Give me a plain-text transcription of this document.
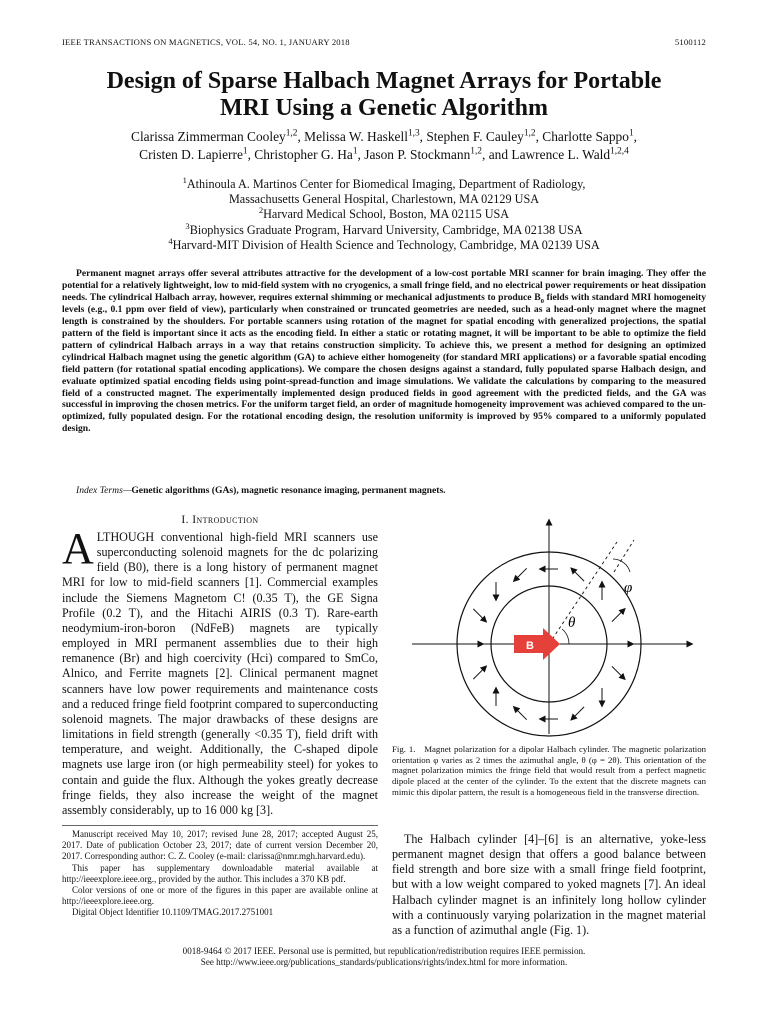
IEEE TRANSACTIONS ON MAGNETICS, VOL. 54, NO. 1, JANUARY 2018	5100112
Design of Sparse Halbach Magnet Arrays for Portable
MRI Using a Genetic Algorithm
Clarissa Zimmerman Cooley$^{1,2}$, Melissa W. Haskell$^{1,3}$, Stephen F. Cauley$^{1,2}$, Charlotte Sappo$^1$,
Cristen D. Lapierre$^1$, Christopher G. Ha$^1$, Jason P. Stockmann$^{1,2}$, and Lawrence L. Wald$^{1,2,4}$
$^1$Athinoula A. Martinos Center for Biomedical Imaging, Department of Radiology,
Massachusetts General Hospital, Charlestown, MA 02129 USA
$^2$Harvard Medical School, Boston, MA 02115 USA
$^3$Biophysics Graduate Program, Harvard University, Cambridge, MA 02138 USA
$^4$Harvard-MIT Division of Health Science and Technology, Cambridge, MA 02139 USA
Permanent magnet arrays offer several attributes attractive for the development of a low-cost portable MRI scanner for brain imaging. They offer the potential for a relatively lightweight, low to mid-field system with no cryogenics, a small fringe field, and no electrical power requirements or heat dissipation needs. The cylindrical Halbach array, however, requires external shimming or mechanical adjustments to produce $B_0$ fields with standard MRI homogeneity levels (e.g., 0.1 ppm over field of view), particularly when constrained or truncated geometries are needed, such as a head-only magnet where the magnet length is constrained by the shoulders. For portable scanners using rotation of the magnet for spatial encoding with generalized projections, the spatial pattern of the field is important since it acts as the encoding field. In either a static or rotating magnet, it will be important to be able to optimize the field pattern of cylindrical Halbach arrays in a way that retains construction simplicity. To achieve this, we present a method for designing an optimized cylindrical Halbach magnet using the genetic algorithm (GA) to achieve either homogeneity (for standard MRI applications) or a favorable spatial encoding field pattern (for rotational spatial encoding applications). We compare the chosen designs against a standard, fully populated sparse Halbach design, and evaluate optimized spatial encoding fields using point-spread-function and image simulations. We validate the calculations by comparing to the measured field of a constructed magnet. The experimentally implemented design produced fields in good agreement with the predicted fields, and the GA was successful in improving the chosen metrics. For the uniform target field, an order of magnitude homogeneity improvement was achieved compared to the un-optimized, fully populated design. For the rotational encoding design, the resolution uniformity is improved by 95% compared to a uniformly populated design.
Index Terms—Genetic algorithms (GAs), magnetic resonance imaging, permanent magnets.
I. Introduction
ALTHOUGH conventional high-field MRI scanners use superconducting solenoid magnets for the dc polarizing field (B0), there is a long history of permanent magnet MRI for low to mid-field scanners [1]. Commercial examples include the Siemens Magnetom C! (0.35 T), the GE Signa Profile (0.2 T), and the Hitachi AIRIS (0.3 T). Rare-earth neodymium-iron-boron (NdFeB) magnets are typically employed in MRI permanent assemblies due to their high remanence (Br) and high coercivity (Hci) compared to SmCo, Alnico, and Ferrite magnets [2]. Clinical permanent magnet scanners have low power requirements and maintenance costs and a reduced fringe field footprint compared to superconducting solenoid magnets. The major drawbacks of these designs are limitations in field strength (generally <0.35 T), field drift with temperature, and weight. Additionally, the C-shaped dipole magnets use large iron (or high permeability steel) for yokes to contain and guide the flux. Although the yokes greatly decrease fringe fields, they also increase the weight of the magnet assembly considerably, up to 16 000 kg [3].

Manuscript received May 10, 2017; revised June 28, 2017; accepted August 25, 2017. Date of publication October 23, 2017; date of current version December 20, 2017. Corresponding author: C. Z. Cooley (e-mail: clarissa@nmr.mgh.harvard.edu).

This paper has supplementary downloadable material available at http://ieeexplore.ieee.org., provided by the author. This includes a 370 KB pdf.

Color versions of one or more of the figures in this paper are available online at http://ieeexplore.ieee.org.

Digital Object Identifier 10.1109/TMAG.2017.2751001

B
θ
φ
Fig. 1. Magnet polarization for a dipolar Halbach cylinder. The magnetic polarization orientation φ varies as 2 times the azimuthal angle, θ (φ = 2θ). This orientation of the magnet polarization mimics the fringe field that would result from a perfect magnetic dipole placed at the center of the cylinder. To the extent that the discrete magnets can mimic this dipolar pattern, the result is a homogeneous field in the transverse direction.

The Halbach cylinder [4]–[6] is an alternative, yoke-less permanent magnet design that offers a good balance between field strength and bore size with a small fringe field footprint, but with a low weight compared to yoked magnets [7]. An ideal Halbach cylinder magnet is an infinitely long hollow cylinder with a continuously varying polarization in the magnet material as a function of azimuthal angle (Fig. 1).

0018-9464 © 2017 IEEE. Personal use is permitted, but republication/redistribution requires IEEE permission.
See http://www.ieee.org/publications_standards/publications/rights/index.html for more information.
